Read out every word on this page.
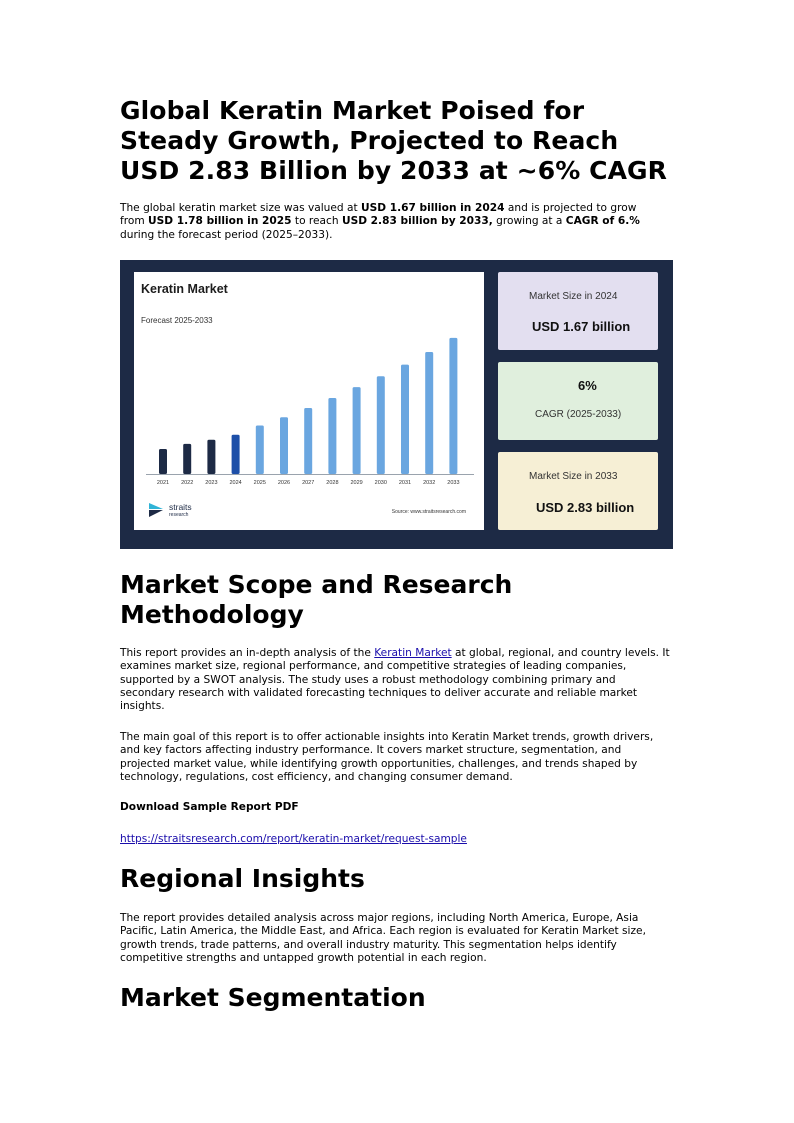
Global Keratin Market Poised for Steady Growth, Projected to Reach USD 2.83 Billion by 2033 at ~6% CAGR

The global keratin market size was valued at USD 1.67 billion in 2024 and is projected to grow from USD 1.78 billion in 2025 to reach USD 2.83 billion by 2033, growing at a CAGR of 6.% during the forecast period (2025–2033).

2021 2022 2023 2024 2025 2026 2027 2028 2029 2030 2031 2032 2033
Keratin Market
Forecast 2025-2033
straits
research	Source: www.straitsresearch.com
Market Size in 2024
USD 1.67 billion
6%
CAGR (2025-2033)
Market Size in 2033
USD 2.83 billion
Market Scope and Research Methodology

This report provides an in-depth analysis of the Keratin Market at global, regional, and country levels. It examines market size, regional performance, and competitive strategies of leading companies, supported by a SWOT analysis. The study uses a robust methodology combining primary and secondary research with validated forecasting techniques to deliver accurate and reliable market insights.

The main goal of this report is to offer actionable insights into Keratin Market trends, growth drivers, and key factors affecting industry performance. It covers market structure, segmentation, and projected market value, while identifying growth opportunities, challenges, and trends shaped by technology, regulations, cost efficiency, and changing consumer demand.

Download Sample Report PDF

https://straitsresearch.com/report/keratin-market/request-sample

Regional Insights

The report provides detailed analysis across major regions, including North America, Europe, Asia Pacific, Latin America, the Middle East, and Africa. Each region is evaluated for Keratin Market size, growth trends, trade patterns, and overall industry maturity. This segmentation helps identify competitive strengths and untapped growth potential in each region.

Market Segmentation
